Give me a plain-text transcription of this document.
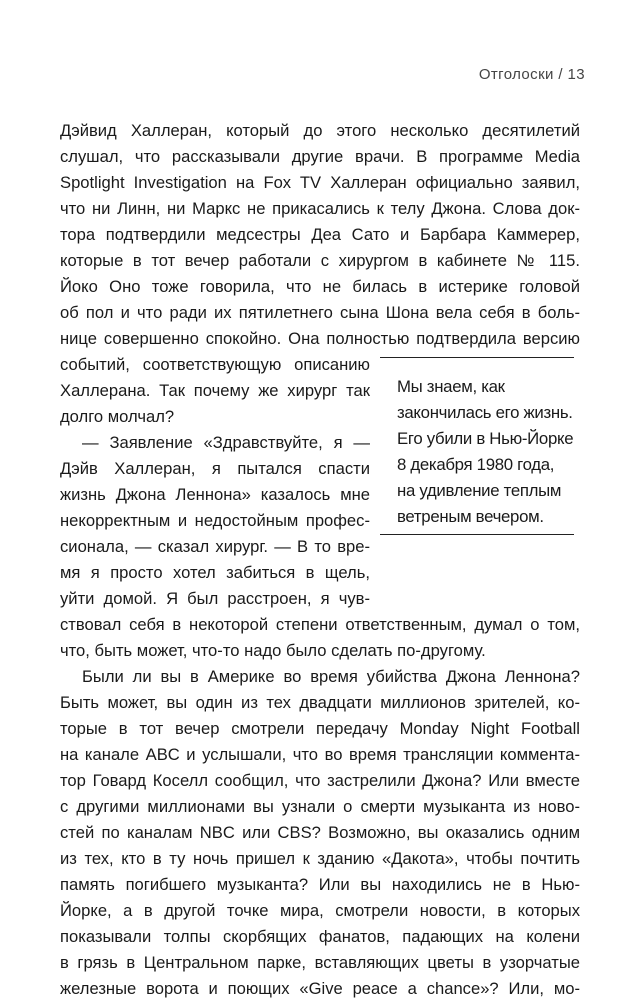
Отголоски / 13
Дэйвид Халлеран, который до этого несколько десятилетий
слушал, что рассказывали другие врачи. В программе Media
Spotlight Investigation на Fox TV Халлеран официально заявил,
что ни Линн, ни Маркс не прикасались к телу Джона. Слова док-
тора подтвердили медсестры Деа Сато и Барбара Каммерер,
которые в тот вечер работали с хирургом в кабинете № 115.
Йоко Оно тоже говорила, что не билась в истерике головой
об пол и что ради их пятилетнего сына Шона вела себя в боль-
нице совершенно спокойно. Она полностью подтвердила версию
событий, соответствующую описанию
Халлерана. Так почему же хирург так
долго молчал?
— Заявление «Здравствуйте, я —
Дэйв Халлеран, я пытался спасти
жизнь Джона Леннона» казалось мне
некорректным и недостойным профес-
сионала, — сказал хирург. — В то вре-
мя я просто хотел забиться в щель,
уйти домой. Я был расстроен, я чув-
ствовал себя в некоторой степени ответственным, думал о том,
что, быть может, что-то надо было сделать по-другому.
Были ли вы в Америке во время убийства Джона Леннона?
Быть может, вы один из тех двадцати миллионов зрителей, ко-
торые в тот вечер смотрели передачу Monday Night Football
на канале ABC и услышали, что во время трансляции коммента-
тор Говард Коселл сообщил, что застрелили Джона? Или вместе
с другими миллионами вы узнали о смерти музыканта из ново-
стей по каналам NBC или CBS? Возможно, вы оказались одним
из тех, кто в ту ночь пришел к зданию «Дакота», чтобы почтить
память погибшего музыканта? Или вы находились не в Нью-
Йорке, а в другой точке мира, смотрели новости, в которых
показывали толпы скорбящих фанатов, падающих на колени
в грязь в Центральном парке, вставляющих цветы в узорчатые
железные ворота и поющих «Give peace a chance»? Или, мо-
Мы знаем, как
закончилась его жизнь.
Его убили в Нью-Йорке
8 декабря 1980 года,
на удивление теплым
ветреным вечером.
